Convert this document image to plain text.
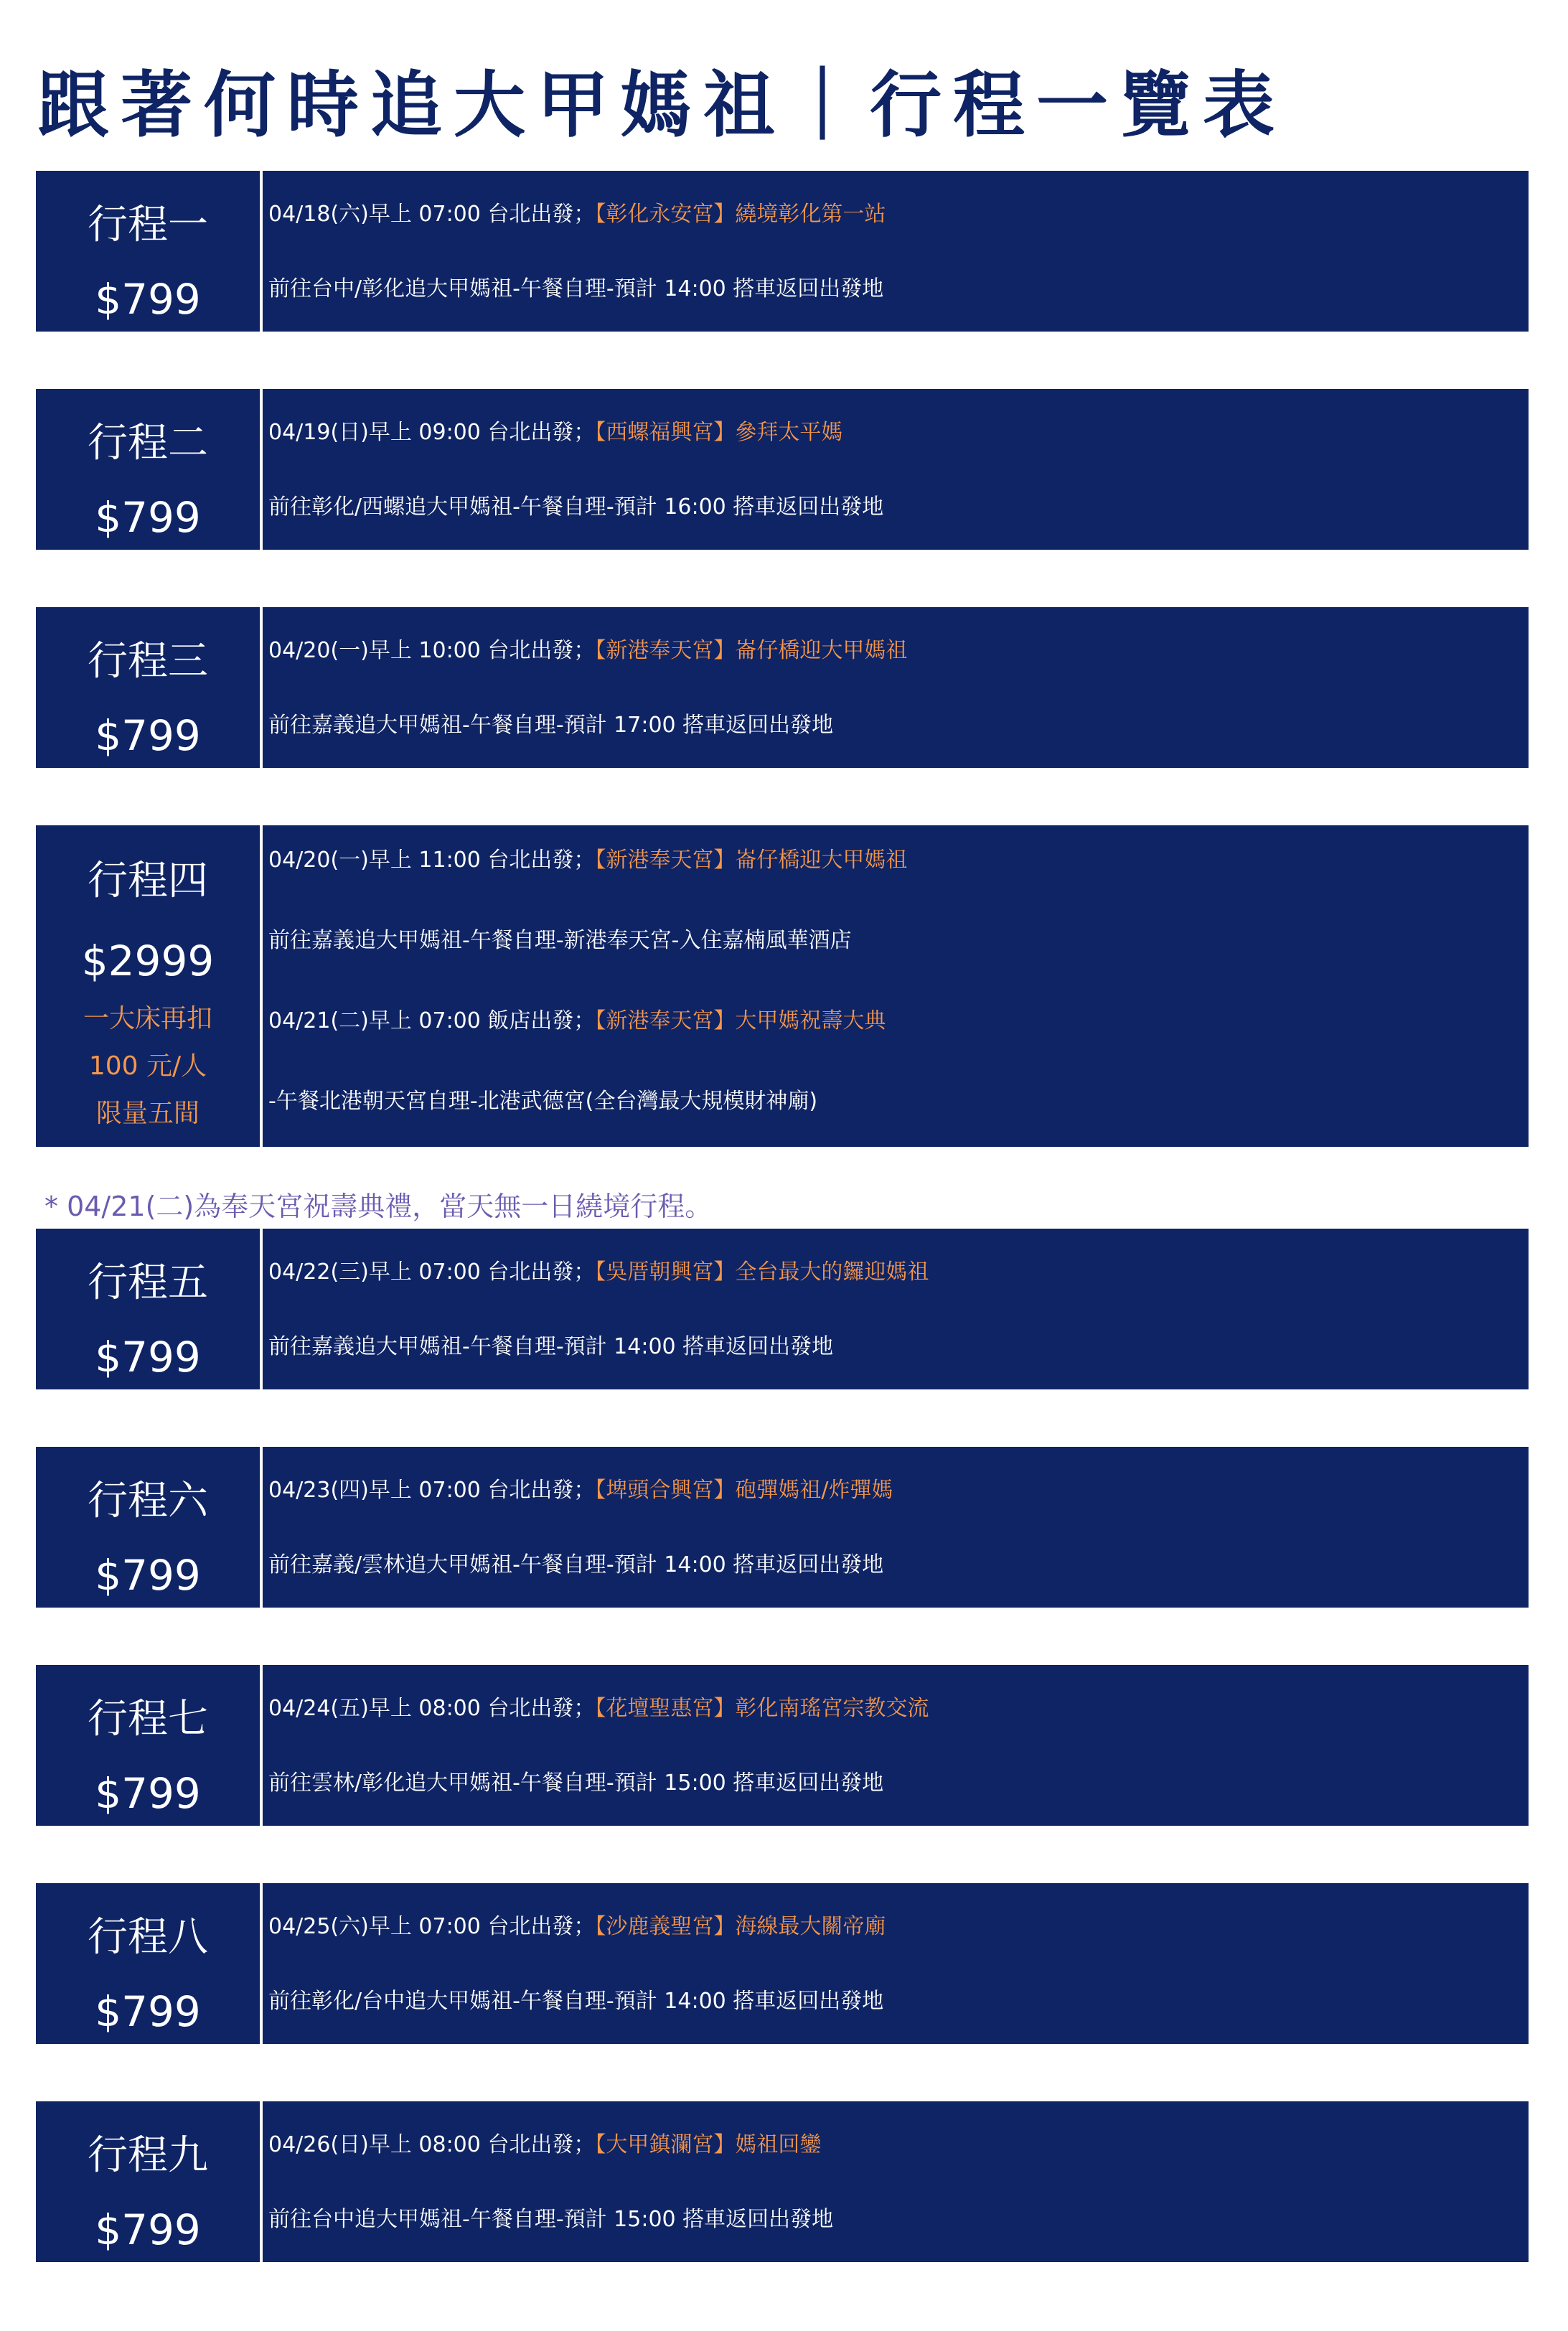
跟著何時追大甲媽祖｜行程一覽表
行程一
$799
04/18(六)早上 07:00 台北出發；【彰化永安宮】繞境彰化第一站
前往台中/彰化追大甲媽祖-午餐自理-預計 14:00 搭車返回出發地
行程二
$799
04/19(日)早上 09:00 台北出發；【西螺福興宮】參拜太平媽
前往彰化/西螺追大甲媽祖-午餐自理-預計 16:00 搭車返回出發地
行程三
$799
04/20(一)早上 10:00 台北出發；【新港奉天宮】崙仔橋迎大甲媽祖
前往嘉義追大甲媽祖-午餐自理-預計 17:00 搭車返回出發地
行程四
$2999
一大床再扣
100 元/人
限量五間
04/20(一)早上 11:00 台北出發；【新港奉天宮】崙仔橋迎大甲媽祖
前往嘉義追大甲媽祖-午餐自理-新港奉天宮-入住嘉楠風華酒店
04/21(二)早上 07:00 飯店出發；【新港奉天宮】大甲媽祝壽大典
-午餐北港朝天宮自理-北港武德宮(全台灣最大規模財神廟)
* 04/21(二)為奉天宮祝壽典禮，當天無一日繞境行程。
行程五
$799
04/22(三)早上 07:00 台北出發；【吳厝朝興宮】全台最大的鑼迎媽祖
前往嘉義追大甲媽祖-午餐自理-預計 14:00 搭車返回出發地
行程六
$799
04/23(四)早上 07:00 台北出發；【埤頭合興宮】砲彈媽祖/炸彈媽
前往嘉義/雲林追大甲媽祖-午餐自理-預計 14:00 搭車返回出發地
行程七
$799
04/24(五)早上 08:00 台北出發；【花壇聖惠宮】彰化南瑤宮宗教交流
前往雲林/彰化追大甲媽祖-午餐自理-預計 15:00 搭車返回出發地
行程八
$799
04/25(六)早上 07:00 台北出發；【沙鹿義聖宮】海線最大關帝廟
前往彰化/台中追大甲媽祖-午餐自理-預計 14:00 搭車返回出發地
行程九
$799
04/26(日)早上 08:00 台北出發；【大甲鎮瀾宮】媽祖回鑾
前往台中追大甲媽祖-午餐自理-預計 15:00 搭車返回出發地
